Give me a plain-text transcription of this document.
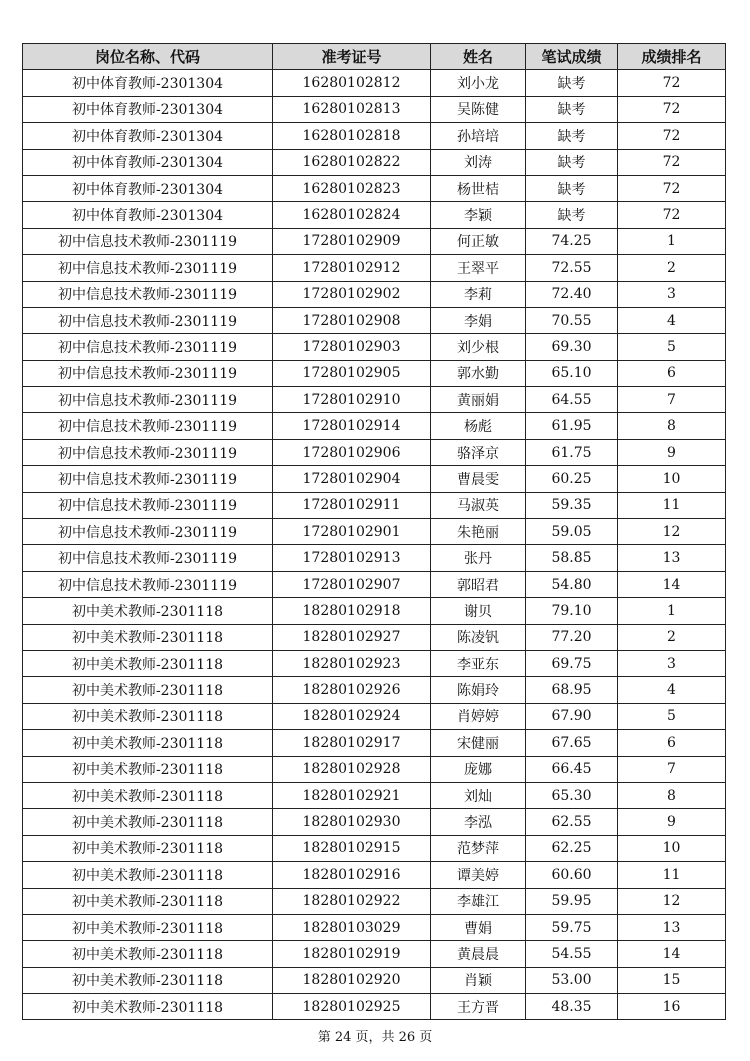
岗位名称、代码	准考证号	姓名	笔试成绩	成绩排名
初中体育教师-2301304	16280102812	刘小龙	缺考	72
初中体育教师-2301304	16280102813	吴陈健	缺考	72
初中体育教师-2301304	16280102818	孙培培	缺考	72
初中体育教师-2301304	16280102822	刘涛	缺考	72
初中体育教师-2301304	16280102823	杨世桔	缺考	72
初中体育教师-2301304	16280102824	李颖	缺考	72
初中信息技术教师-2301119	17280102909	何正敏	74.25	1
初中信息技术教师-2301119	17280102912	王翠平	72.55	2
初中信息技术教师-2301119	17280102902	李莉	72.40	3
初中信息技术教师-2301119	17280102908	李娟	70.55	4
初中信息技术教师-2301119	17280102903	刘少根	69.30	5
初中信息技术教师-2301119	17280102905	郭水勤	65.10	6
初中信息技术教师-2301119	17280102910	黄丽娟	64.55	7
初中信息技术教师-2301119	17280102914	杨彪	61.95	8
初中信息技术教师-2301119	17280102906	骆泽京	61.75	9
初中信息技术教师-2301119	17280102904	曹晨雯	60.25	10
初中信息技术教师-2301119	17280102911	马淑英	59.35	11
初中信息技术教师-2301119	17280102901	朱艳丽	59.05	12
初中信息技术教师-2301119	17280102913	张丹	58.85	13
初中信息技术教师-2301119	17280102907	郭昭君	54.80	14
初中美术教师-2301118	18280102918	谢贝	79.10	1
初中美术教师-2301118	18280102927	陈凌钒	77.20	2
初中美术教师-2301118	18280102923	李亚东	69.75	3
初中美术教师-2301118	18280102926	陈娟玲	68.95	4
初中美术教师-2301118	18280102924	肖婷婷	67.90	5
初中美术教师-2301118	18280102917	宋健丽	67.65	6
初中美术教师-2301118	18280102928	庞娜	66.45	7
初中美术教师-2301118	18280102921	刘灿	65.30	8
初中美术教师-2301118	18280102930	李泓	62.55	9
初中美术教师-2301118	18280102915	范梦萍	62.25	10
初中美术教师-2301118	18280102916	谭美婷	60.60	11
初中美术教师-2301118	18280102922	李雄江	59.95	12
初中美术教师-2301118	18280103029	曹娟	59.75	13
初中美术教师-2301118	18280102919	黄晨晨	54.55	14
初中美术教师-2301118	18280102920	肖颖	53.00	15
初中美术教师-2301118	18280102925	王方晋	48.35	16
第 24 页，共 26 页
